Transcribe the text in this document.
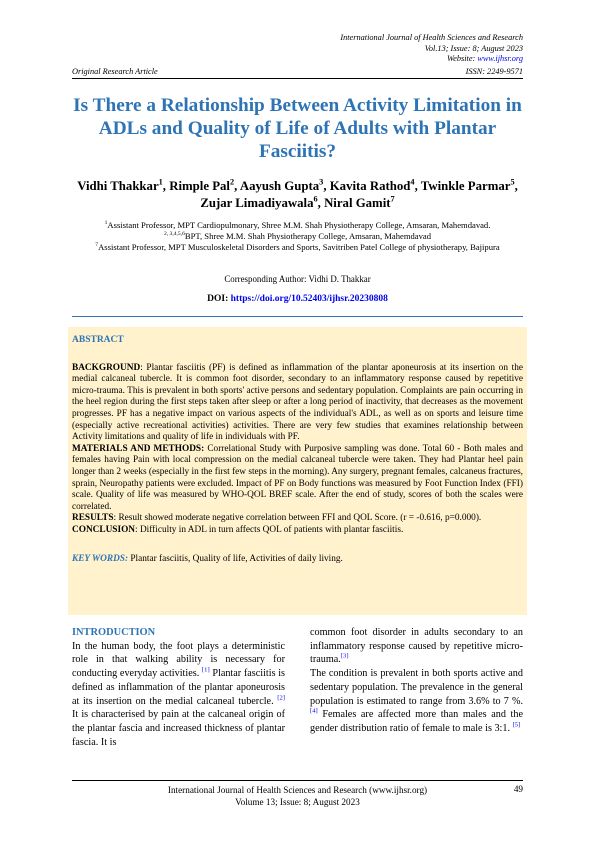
International Journal of Health Sciences and Research
Vol.13; Issue: 8; August 2023
Website: www.ijhsr.org
Original Research Article	ISSN: 2249-9571
Is There a Relationship Between Activity Limitation in ADLs and Quality of Life of Adults with Plantar Fasciitis?
Vidhi Thakkar$^1$, Rimple Pal$^2$, Aayush Gupta$^3$, Kavita Rathod$^4$, Twinkle Parmar$^5$, Zujar Limadiyawala$^6$, Niral Gamit$^7$
$^1$Assistant Professor, MPT Cardiopulmonary, Shree M.M. Shah Physiotherapy College, Amsaran, Mahemdavad.
$^{2, 3,4,5,6}$BPT, Shree M.M. Shah Physiotherapy College, Amsaran, Mahemdavad
$^7$Assistant Professor, MPT Musculoskeletal Disorders and Sports, Savitriben Patel College of physiotherapy, Bajipura
Corresponding Author: Vidhi D. Thakkar
DOI: https://doi.org/10.52403/ijhsr.20230808

ABSTRACT

BACKGROUND: Plantar fasciitis (PF) is defined as inflammation of the plantar aponeurosis at its insertion on the medial calcaneal tubercle. It is common foot disorder, secondary to an inflammatory response caused by repetitive micro-trauma. This is prevalent in both sports' active persons and sedentary population. Complaints are pain occurring in the heel region during the first steps taken after sleep or after a long period of inactivity, that decreases as the movement progresses. PF has a negative impact on various aspects of the individual's ADL, as well as on sports and leisure time (especially active recreational activities) activities. There are very few studies that examines relationship between Activity limitations and quality of life in individuals with PF.

MATERIALS AND METHODS: Correlational Study with Purposive sampling was done. Total 60 - Both males and females having Pain with local compression on the medial calcaneal tubercle were taken. They had Plantar heel pain longer than 2 weeks (especially in the first few steps in the morning). Any surgery, pregnant females, calcaneus fractures, sprain, Neuropathy patients were excluded. Impact of PF on Body functions was measured by Foot Function Index (FFI) scale. Quality of life was measured by WHO-QOL BREF scale. After the end of study, scores of both the scales were correlated.

RESULTS: Result showed moderate negative correlation between FFI and QOL Score. (r = -0.616, p=0.000).

CONCLUSION: Difficulty in ADL in turn affects QOL of patients with plantar fasciitis.

KEY WORDS: Plantar fasciitis, Quality of life, Activities of daily living.

INTRODUCTION

In the human body, the foot plays a deterministic role in that walking ability is necessary for conducting everyday activities. [1] Plantar fasciitis is defined as inflammation of the plantar aponeurosis at its insertion on the medial calcaneal tubercle. [2] It is characterised by pain at the calcaneal origin of the plantar fascia and increased thickness of plantar fascia. It is

common foot disorder in adults secondary to an inflammatory response caused by repetitive micro-trauma.[3]

The condition is prevalent in both sports active and sedentary population. The prevalence in the general population is estimated to range from 3.6% to 7 %. [4] Females are affected more than males and the gender distribution ratio of female to male is 3:1. [5]

International Journal of Health Sciences and Research (www.ijhsr.org)
Volume 13; Issue: 8; August 2023
49
